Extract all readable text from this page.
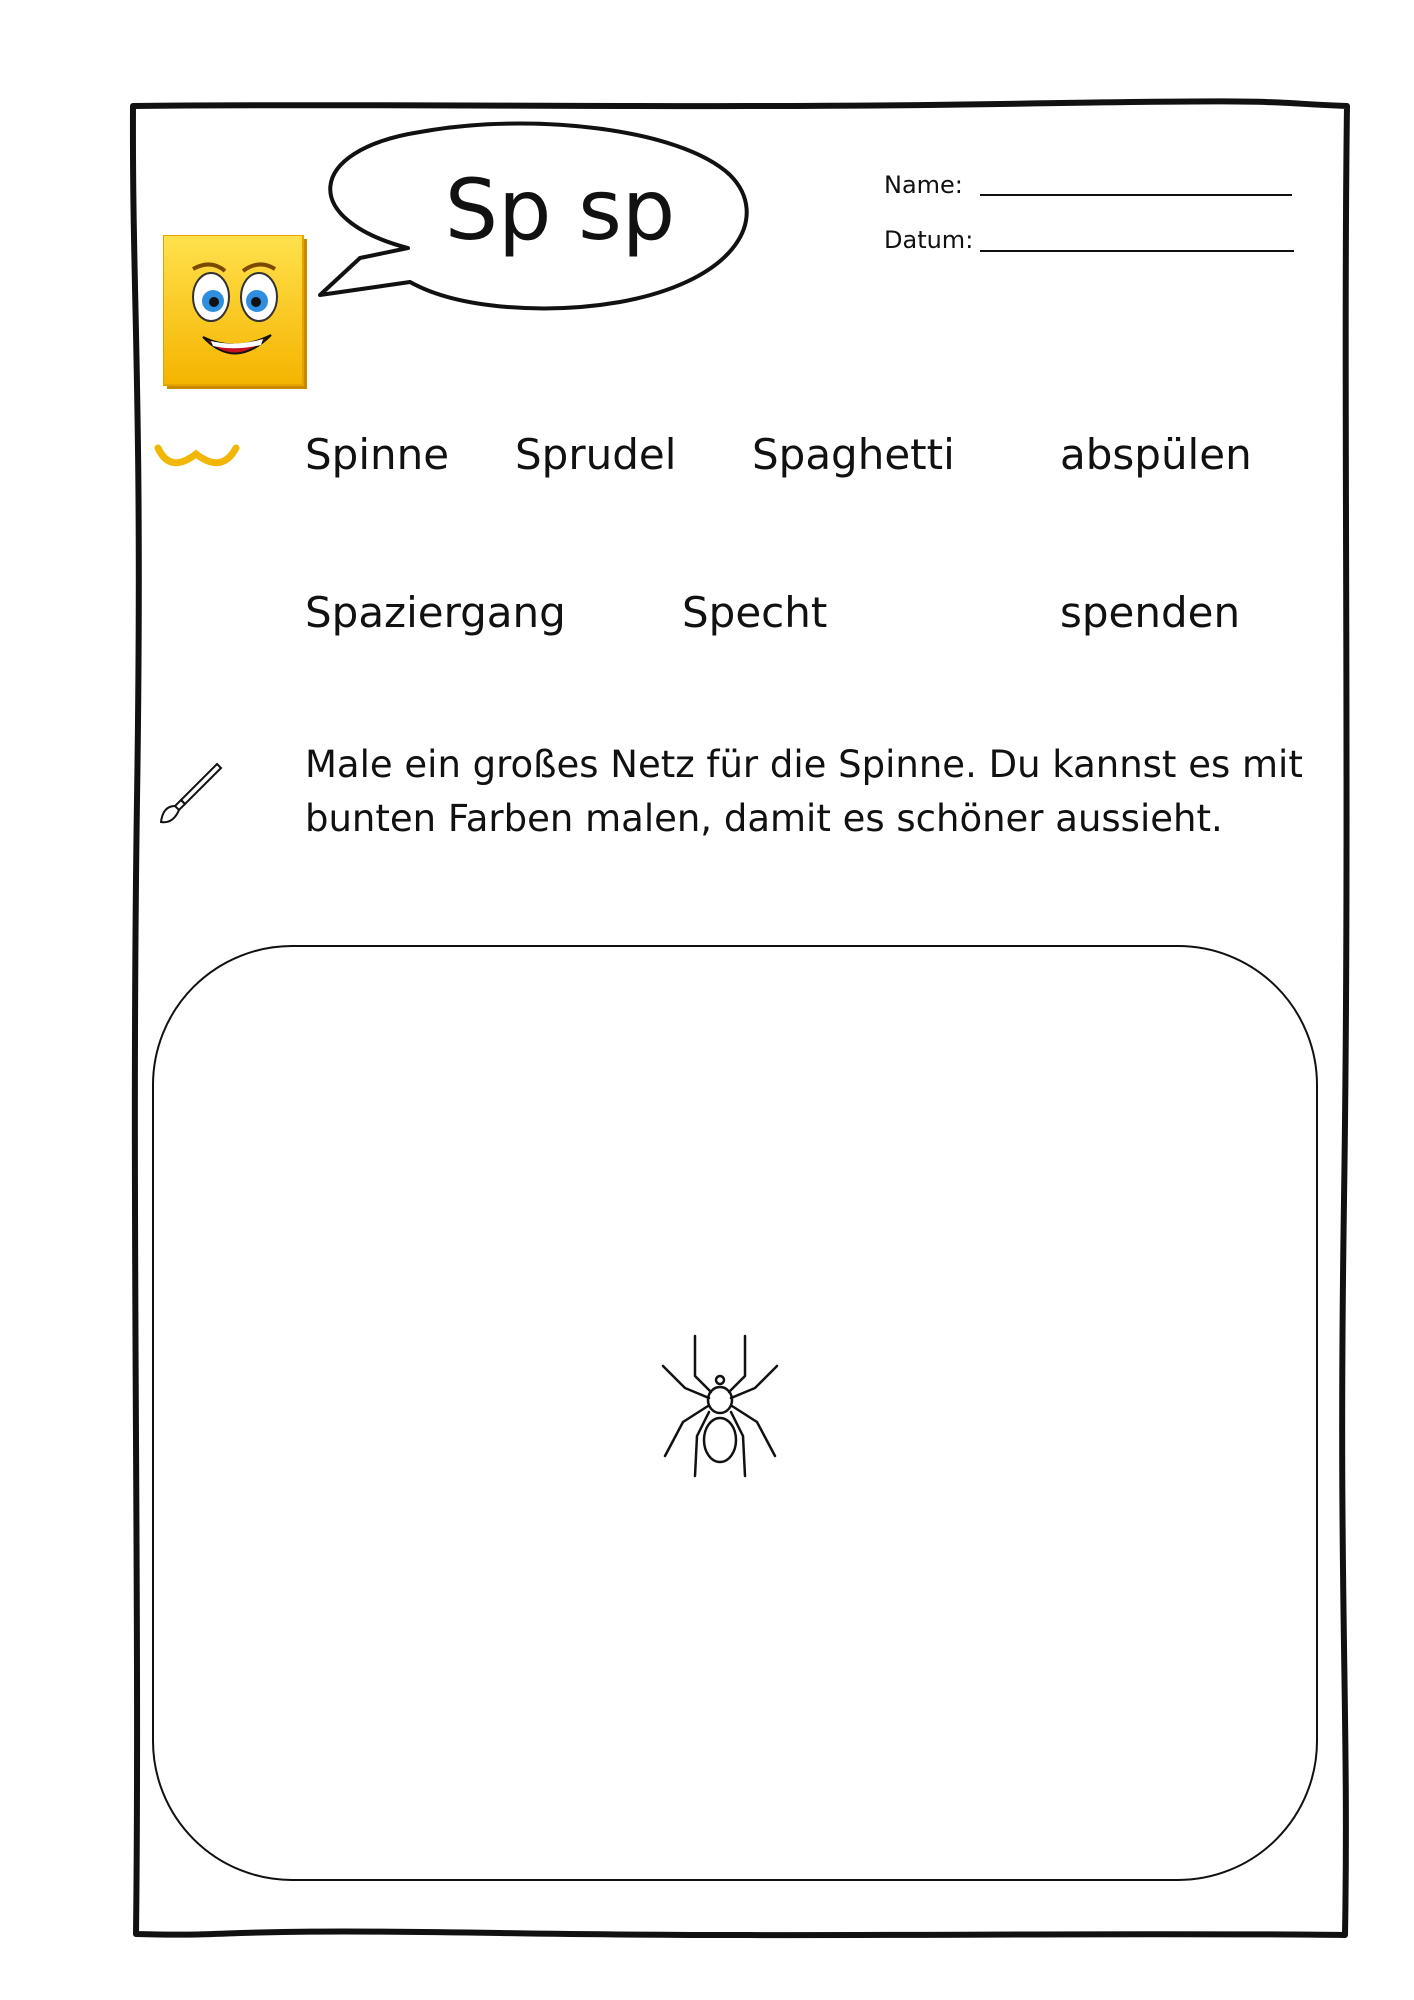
Sp sp	Name:
Datum:
Spinne Sprudel Spaghetti	abspülen
Spaziergang	Specht	spenden
Male ein großes Netz für die Spinne. Du kannst es mit
bunten Farben malen, damit es schöner aussieht.
